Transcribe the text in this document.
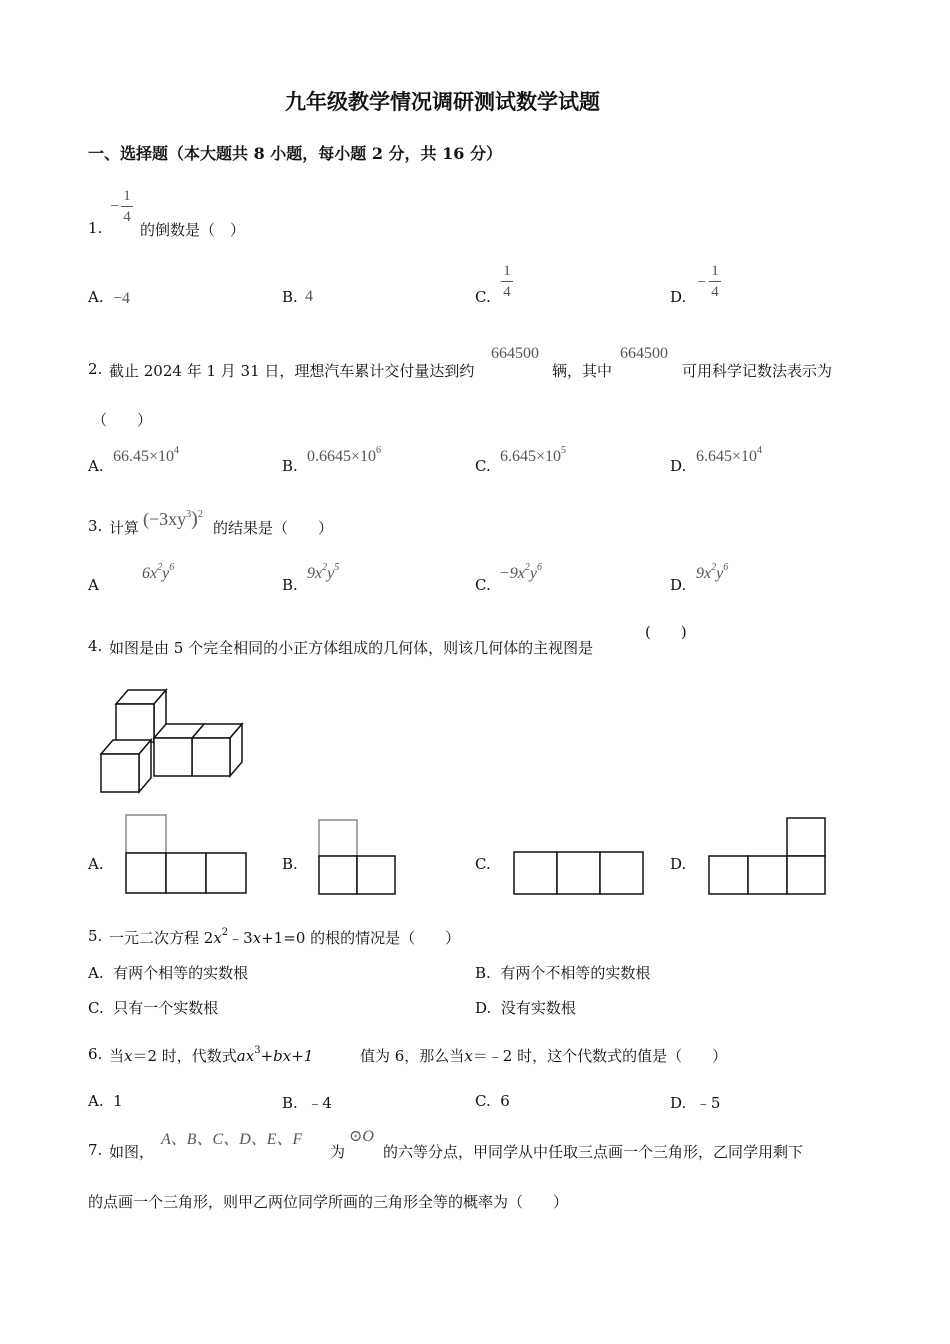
九年级教学情况调研测试数学试题
一、选择题（本大题共 8 小题，每小题 2 分，共 16 分）
1.
−
1
4
的倒数是（　）
A. −4	B. 4	C.
1
4	D.
−
1
4
2. 截止 2024 年 1 月 31 日，理想汽车累计交付量达到约
664500
辆，其中
664500
可用科学记数法表示为
（　　）
A.
$66.45\times 10^4$
B.
$0.6645\times 10^6$
C.
$6.645\times 10^5$
D.
$6.645\times 10^4$
3. 计算 $(-3xy^3)^2$
的结果是（　　）
A
$6x^2y^6$
B.
$9x^2y^5$
C.
$-9x^2y^6$
D.
$9x^2y^6$
4. 如图是由 5 个完全相同的小正方体组成的几何体，则该几何体的主视图是
(　　)
A.	B.	C.	D.
5. 一元二次方程 $2x^2﹣3x+1=0$ 的根的情况是（　　）
A. 有两个相等的实数根	B. 有两个不相等的实数根
C. 只有一个实数根	D. 没有实数根
6. 当x＝2 时，代数式$ax^3+bx+1$	值为 6，那么当x＝﹣2 时，这个代数式的值是（　　）
A. 1	B. ﹣4	C. 6	D. ﹣5
7. 如图，
A、B、C、D、E、F
为
⊙O
的六等分点，甲同学从中任取三点画一个三角形，乙同学用剩下
的点画一个三角形，则甲乙两位同学所画的三角形全等的概率为（　　）
